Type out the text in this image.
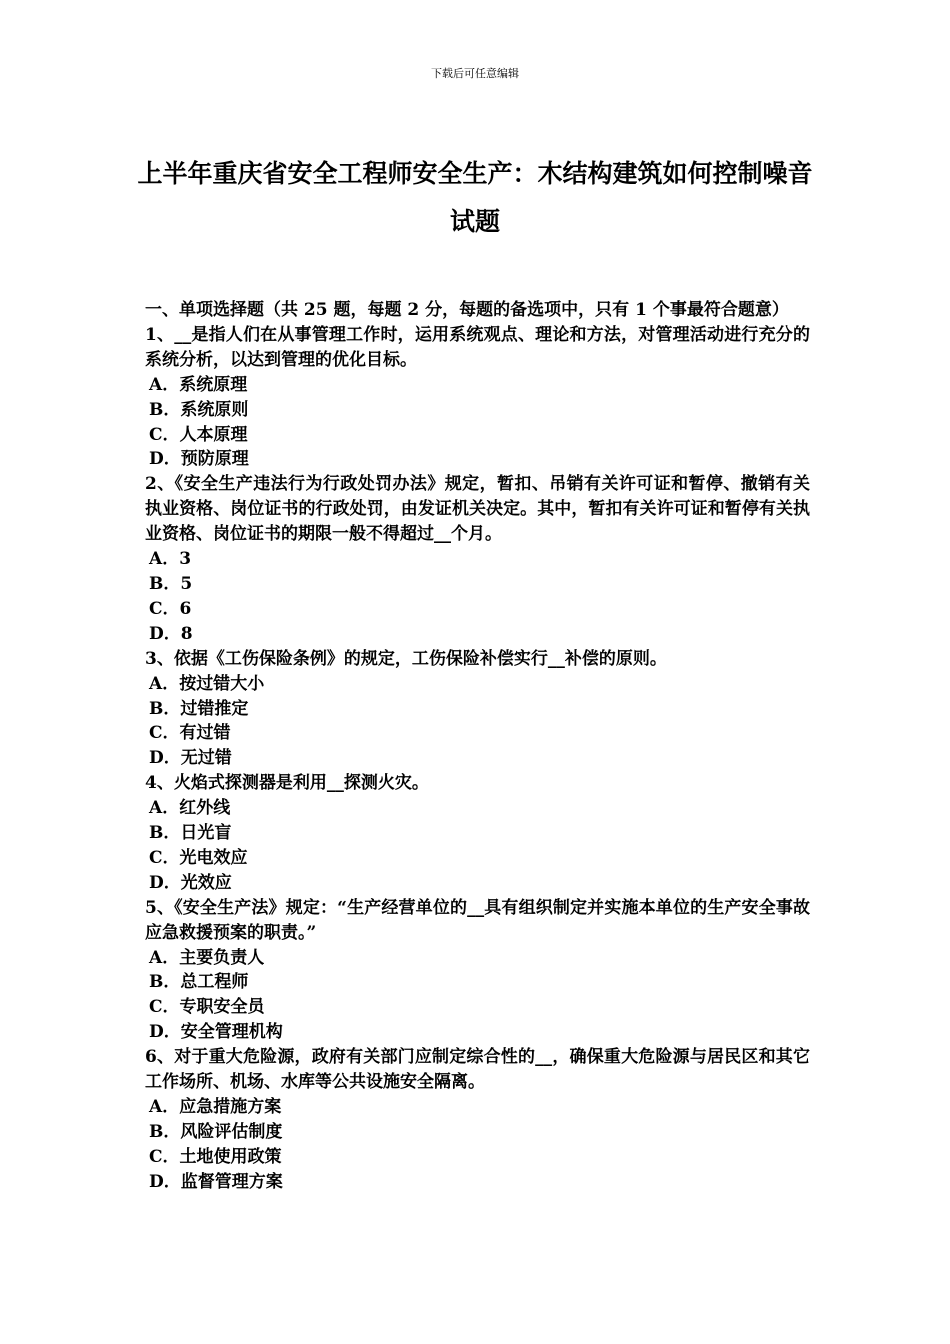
下载后可任意编辑
上半年重庆省安全工程师安全生产：木结构建筑如何控制噪音试题

一、单项选择题（共 25 题，每题 2 分，每题的备选项中，只有 1 个事最符合题意）

1、__是指人们在从事管理工作时，运用系统观点、理论和方法，对管理活动进行充分的系统分析，以达到管理的优化目标。

A．系统原理

B．系统原则

C．人本原理

D．预防原理

2、《安全生产违法行为行政处罚办法》规定，暂扣、吊销有关许可证和暂停、撤销有关执业资格、岗位证书的行政处罚，由发证机关决定。其中，暂扣有关许可证和暂停有关执业资格、岗位证书的期限一般不得超过__个月。

A．3

B．5

C．6

D．8

3、依据《工伤保险条例》的规定，工伤保险补偿实行__补偿的原则。

A．按过错大小

B．过错推定

C．有过错

D．无过错

4、火焰式探测器是利用__探测火灾。

A．红外线

B．日光盲

C．光电效应

D．光效应

5、《安全生产法》规定：“生产经营单位的__具有组织制定并实施本单位的生产安全事故应急救援预案的职责。”

A．主要负责人

B．总工程师

C．专职安全员

D．安全管理机构

6、对于重大危险源，政府有关部门应制定综合性的__，确保重大危险源与居民区和其它工作场所、机场、水库等公共设施安全隔离。

A．应急措施方案

B．风险评估制度

C．土地使用政策

D．监督管理方案
